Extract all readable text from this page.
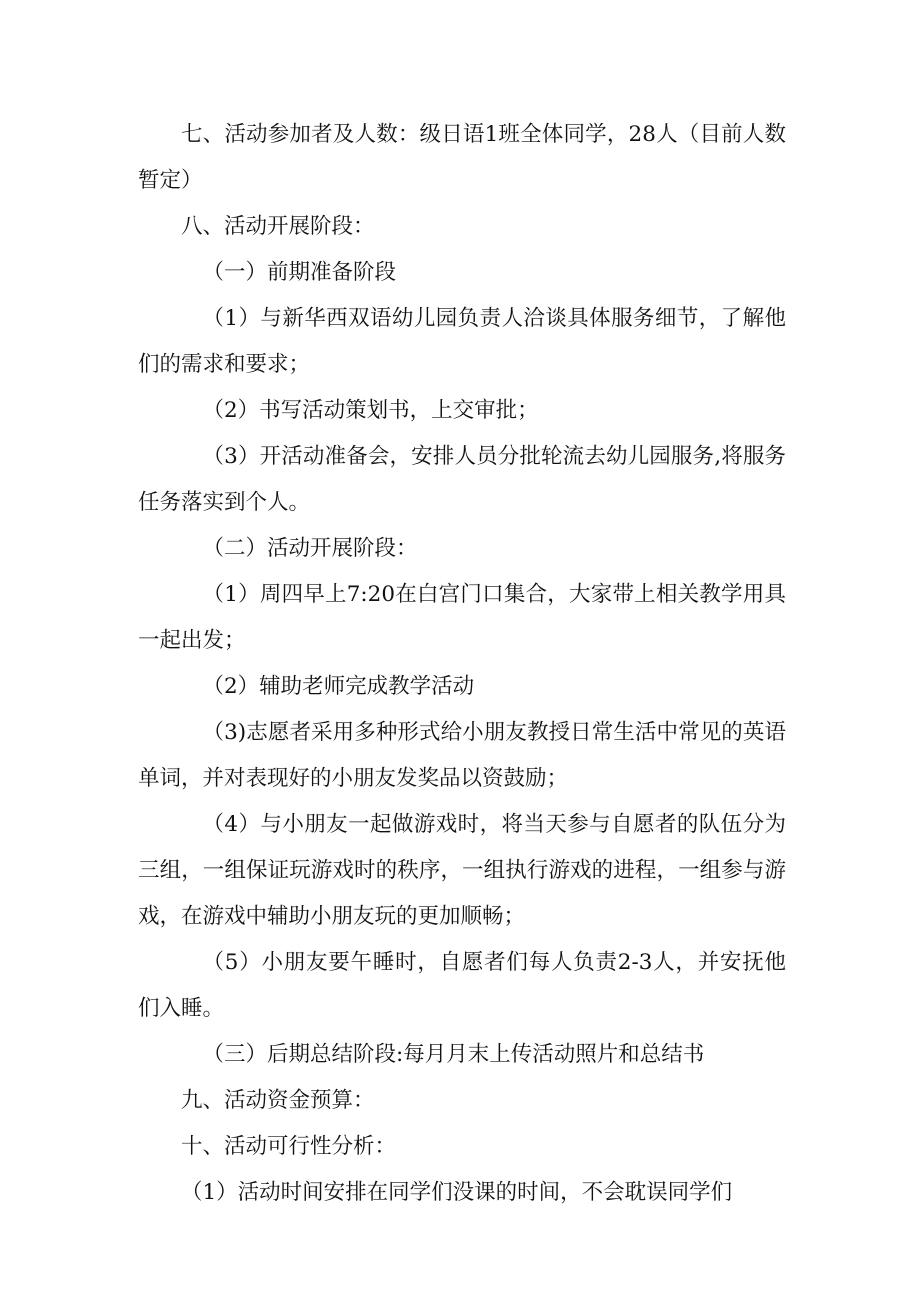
七、活动参加者及人数：级日语1班全体同学，28人（目前人数暂定）

八、活动开展阶段：

（一）前期准备阶段

（1）与新华西双语幼儿园负责人洽谈具体服务细节，了解他们的需求和要求；

（2）书写活动策划书，上交审批；

（3）开活动准备会，安排人员分批轮流去幼儿园服务,将服务任务落实到个人。

（二）活动开展阶段：

（1）周四早上7:20在白宫门口集合，大家带上相关教学用具一起出发；

（2）辅助老师完成教学活动

（3)志愿者采用多种形式给小朋友教授日常生活中常见的英语单词，并对表现好的小朋友发奖品以资鼓励；

（4）与小朋友一起做游戏时，将当天参与自愿者的队伍分为三组，一组保证玩游戏时的秩序，一组执行游戏的进程，一组参与游戏，在游戏中辅助小朋友玩的更加顺畅；

（5）小朋友要午睡时，自愿者们每人负责2-3人，并安抚他们入睡。

（三）后期总结阶段:每月月末上传活动照片和总结书

九、活动资金预算：

十、活动可行性分析：

（1）活动时间安排在同学们没课的时间，不会耽误同学们
